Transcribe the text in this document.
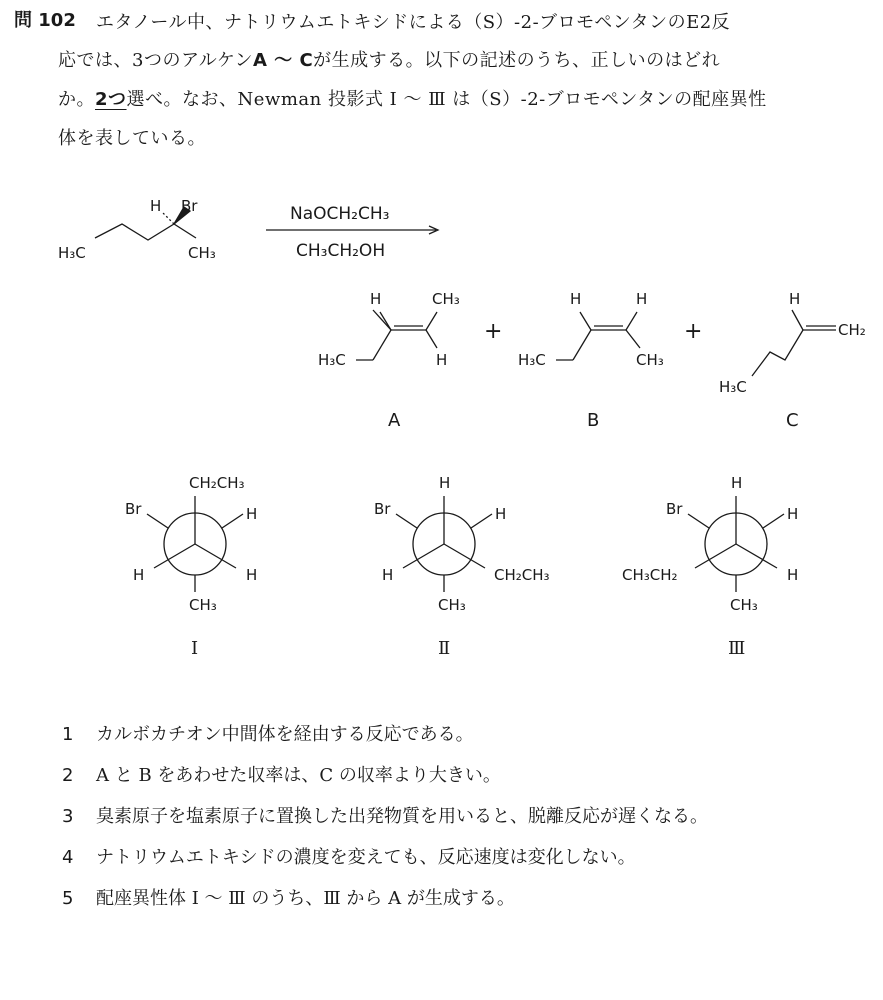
問 102 エタノール中、ナトリウムエトキシドによる（S）-2-ブロモペンタンのE2反
応では、3つのアルケンA ～ Cが生成する。以下の記述のうち、正しいのはどれ
か。2つ選べ。なお、Newman 投影式 I ～ Ⅲ は（S）-2-ブロモペンタンの配座異性
体を表している。
H Br
H₃C	CH₃
NaOCH₂CH₃
CH₃CH₂OH
H	CH₃
H₃C	H
A
+
H	H
H₃C	CH₃
B
+
H
CH₂
H₃C
C
CH₂CH₃
Br	H
H	H
CH₃
I
H
Br	H
H	CH₂CH₃
CH₃
Ⅱ
H
Br	H
CH₃CH₂	H
CH₃
Ⅲ
1 カルボカチオン中間体を経由する反応である。
2 A と B をあわせた収率は、C の収率より大きい。
3 臭素原子を塩素原子に置換した出発物質を用いると、脱離反応が遅くなる。
4 ナトリウムエトキシドの濃度を変えても、反応速度は変化しない。
5 配座異性体 I ～ Ⅲ のうち、Ⅲ から A が生成する。
